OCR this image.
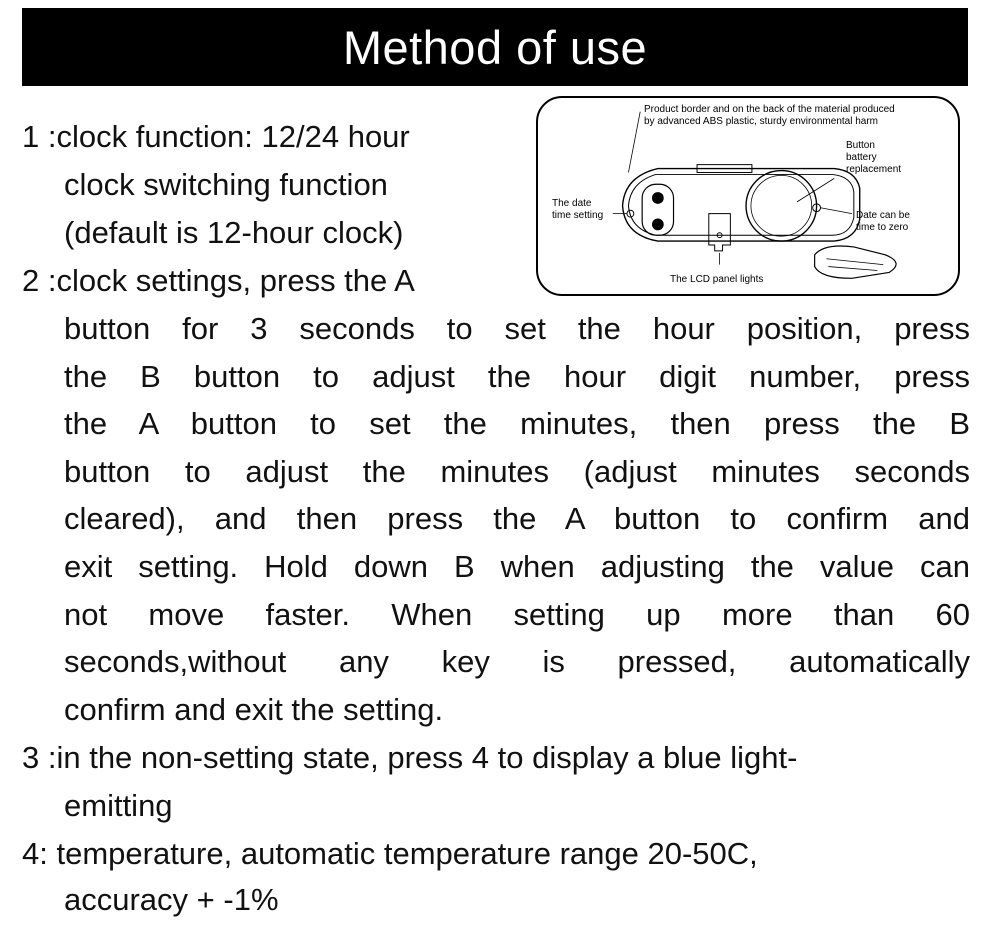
Method of use
Product border and on the back of the material produced
by advanced ABS plastic, sturdy environmental harm
Button
battery
replacement
The date
time setting	Date can be
time to zero
The LCD panel lights
1 :clock function: 12/24 hour
clock switching function
(default is 12-hour clock)
2 :clock settings, press the A
button for 3 seconds to set the hour position, press
the B button to adjust the hour digit number, press
the A button to set the minutes, then press the B
button to adjust the minutes (adjust minutes seconds
cleared), and then press the A button to confirm and
exit setting. Hold down B when adjusting the value can
not move faster. When setting up more than 60
seconds,without any key is pressed, automatically
confirm and exit the setting.
3 :in the non-setting state, press 4 to display a blue light-
emitting
4: temperature, automatic temperature range 20-50C,
accuracy + -1%
